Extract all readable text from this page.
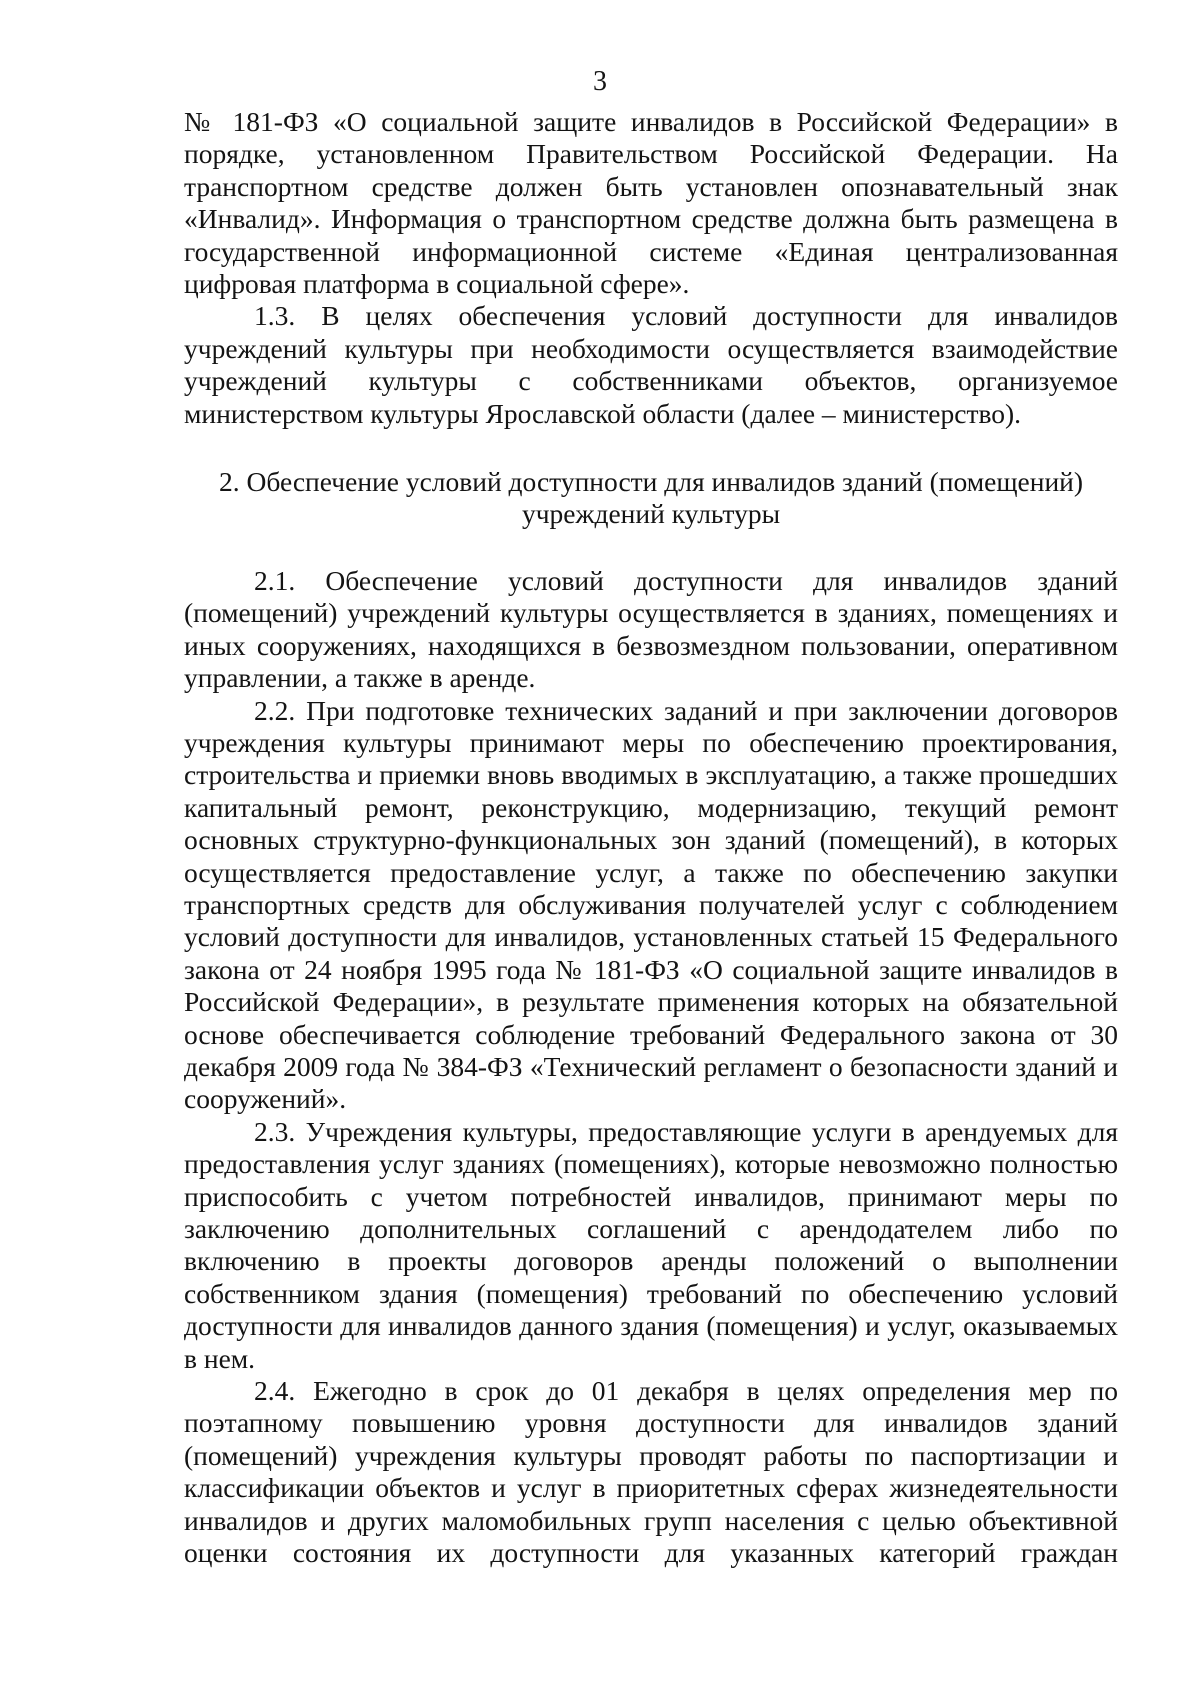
3

№ 181-ФЗ «О социальной защите инвалидов в Российской Федерации» в порядке, установленном Правительством Российской Федерации. На транспортном средстве должен быть установлен опознавательный знак «Инвалид». Информация о транспортном средстве должна быть размещена в государственной информационной системе «Единая централизованная цифровая платформа в социальной сфере».

1.3. В целях обеспечения условий доступности для инвалидов учреждений культуры при необходимости осуществляется взаимодействие учреждений культуры с собственниками объектов, организуемое министерством культуры Ярославской области (далее – министерство).

2. Обеспечение условий доступности для инвалидов зданий (помещений)
учреждений культуры

2.1. Обеспечение условий доступности для инвалидов зданий (помещений) учреждений культуры осуществляется в зданиях, помещениях и иных сооружениях, находящихся в безвозмездном пользовании, оперативном управлении, а также в аренде.

2.2. При подготовке технических заданий и при заключении договоров учреждения культуры принимают меры по обеспечению проектирования, строительства и приемки вновь вводимых в эксплуатацию, а также прошедших капитальный ремонт, реконструкцию, модернизацию, текущий ремонт основных структурно-функциональных зон зданий (помещений), в которых осуществляется предоставление услуг, а также по обеспечению закупки транспортных средств для обслуживания получателей услуг с соблюдением условий доступности для инвалидов, установленных статьей 15 Федерального закона от 24 ноября 1995 года № 181-ФЗ «О социальной защите инвалидов в Российской Федерации», в результате применения которых на обязательной основе обеспечивается соблюдение требований Федерального закона от 30 декабря 2009 года № 384-ФЗ «Технический регламент о безопасности зданий и сооружений».

2.3. Учреждения культуры, предоставляющие услуги в арендуемых для предоставления услуг зданиях (помещениях), которые невозможно полностью приспособить с учетом потребностей инвалидов, принимают меры по заключению дополнительных соглашений с арендодателем либо по включению в проекты договоров аренды положений о выполнении собственником здания (помещения) требований по обеспечению условий доступности для инвалидов данного здания (помещения) и услуг, оказываемых в нем.

2.4. Ежегодно в срок до 01 декабря в целях определения мер по поэтапному повышению уровня доступности для инвалидов зданий (помещений) учреждения культуры проводят работы по паспортизации и классификации объектов и услуг в приоритетных сферах жизнедеятельности инвалидов и других маломобильных групп населения с целью объективной оценки состояния их доступности для указанных категорий граждан
